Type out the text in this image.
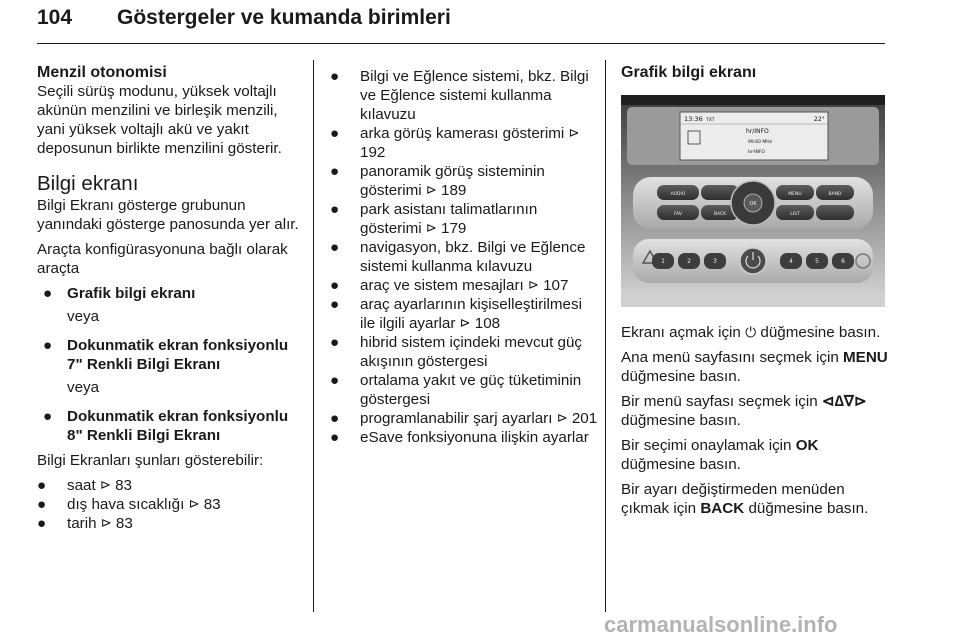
104 Göstergeler ve kumanda birimleri

Menzil otonomisi

Seçili sürüş modunu, yüksek voltajlı akünün menzilini ve birleşik menzili, yani yüksek voltajlı akü ve yakıt deposunun birlikte menzilini gösterir.

Bilgi ekranı

Bilgi Ekranı gösterge grubunun yanındaki gösterge panosunda yer alır.

Araçta konfigürasyonuna bağlı olarak araçta

● Grafik bilgi ekranı

veya

● Dokunmatik ekran fonksiyonlu 7" Renkli Bilgi Ekranı

veya

● Dokunmatik ekran fonksiyonlu 8" Renkli Bilgi Ekranı

Bilgi Ekranları şunları gösterebilir:

● saat ⊳ 83

● dış hava sıcaklığı ⊳ 83

● tarih ⊳ 83

● Bilgi ve Eğlence sistemi, bkz. Bilgi ve Eğlence sistemi kullanma kılavuzu

● arka görüş kamerası gösterimi ⊳ 192

● panoramik görüş sisteminin gösterimi ⊳ 189

● park asistanı talimatlarının gösterimi ⊳ 179

● navigasyon, bkz. Bilgi ve Eğlence sistemi kullanma kılavuzu

● araç ve sistem mesajları ⊳ 107

● araç ayarlarının kişiselleştirilmesi ile ilgili ayarlar ⊳ 108

● hibrid sistem içindeki mevcut güç akışının göstergesi

● ortalama yakıt ve güç tüketiminin göstergesi

● programlanabilir şarj ayarları ⊳ 201

● eSave fonksiyonuna ilişkin ayarlar

Grafik bilgi ekranı

13:36 TXT	22°
hr/INFO
99.60 MHz
hr-INFO
AUDIO
FAV	BACK
MENU	BAND
LIST
OK
1	2	3	4	5	6

Ekranı açmak için ⏻ düğmesine basın.

Ana menü sayfasını seçmek için MENU düğmesine basın.

Bir menü sayfası seçmek için ⊲∆∇⊳ düğmesine basın.

Bir seçimi onaylamak için OK düğmesine basın.

Bir ayarı değiştirmeden menüden çıkmak için BACK düğmesine basın.

carmanualsonline.info
